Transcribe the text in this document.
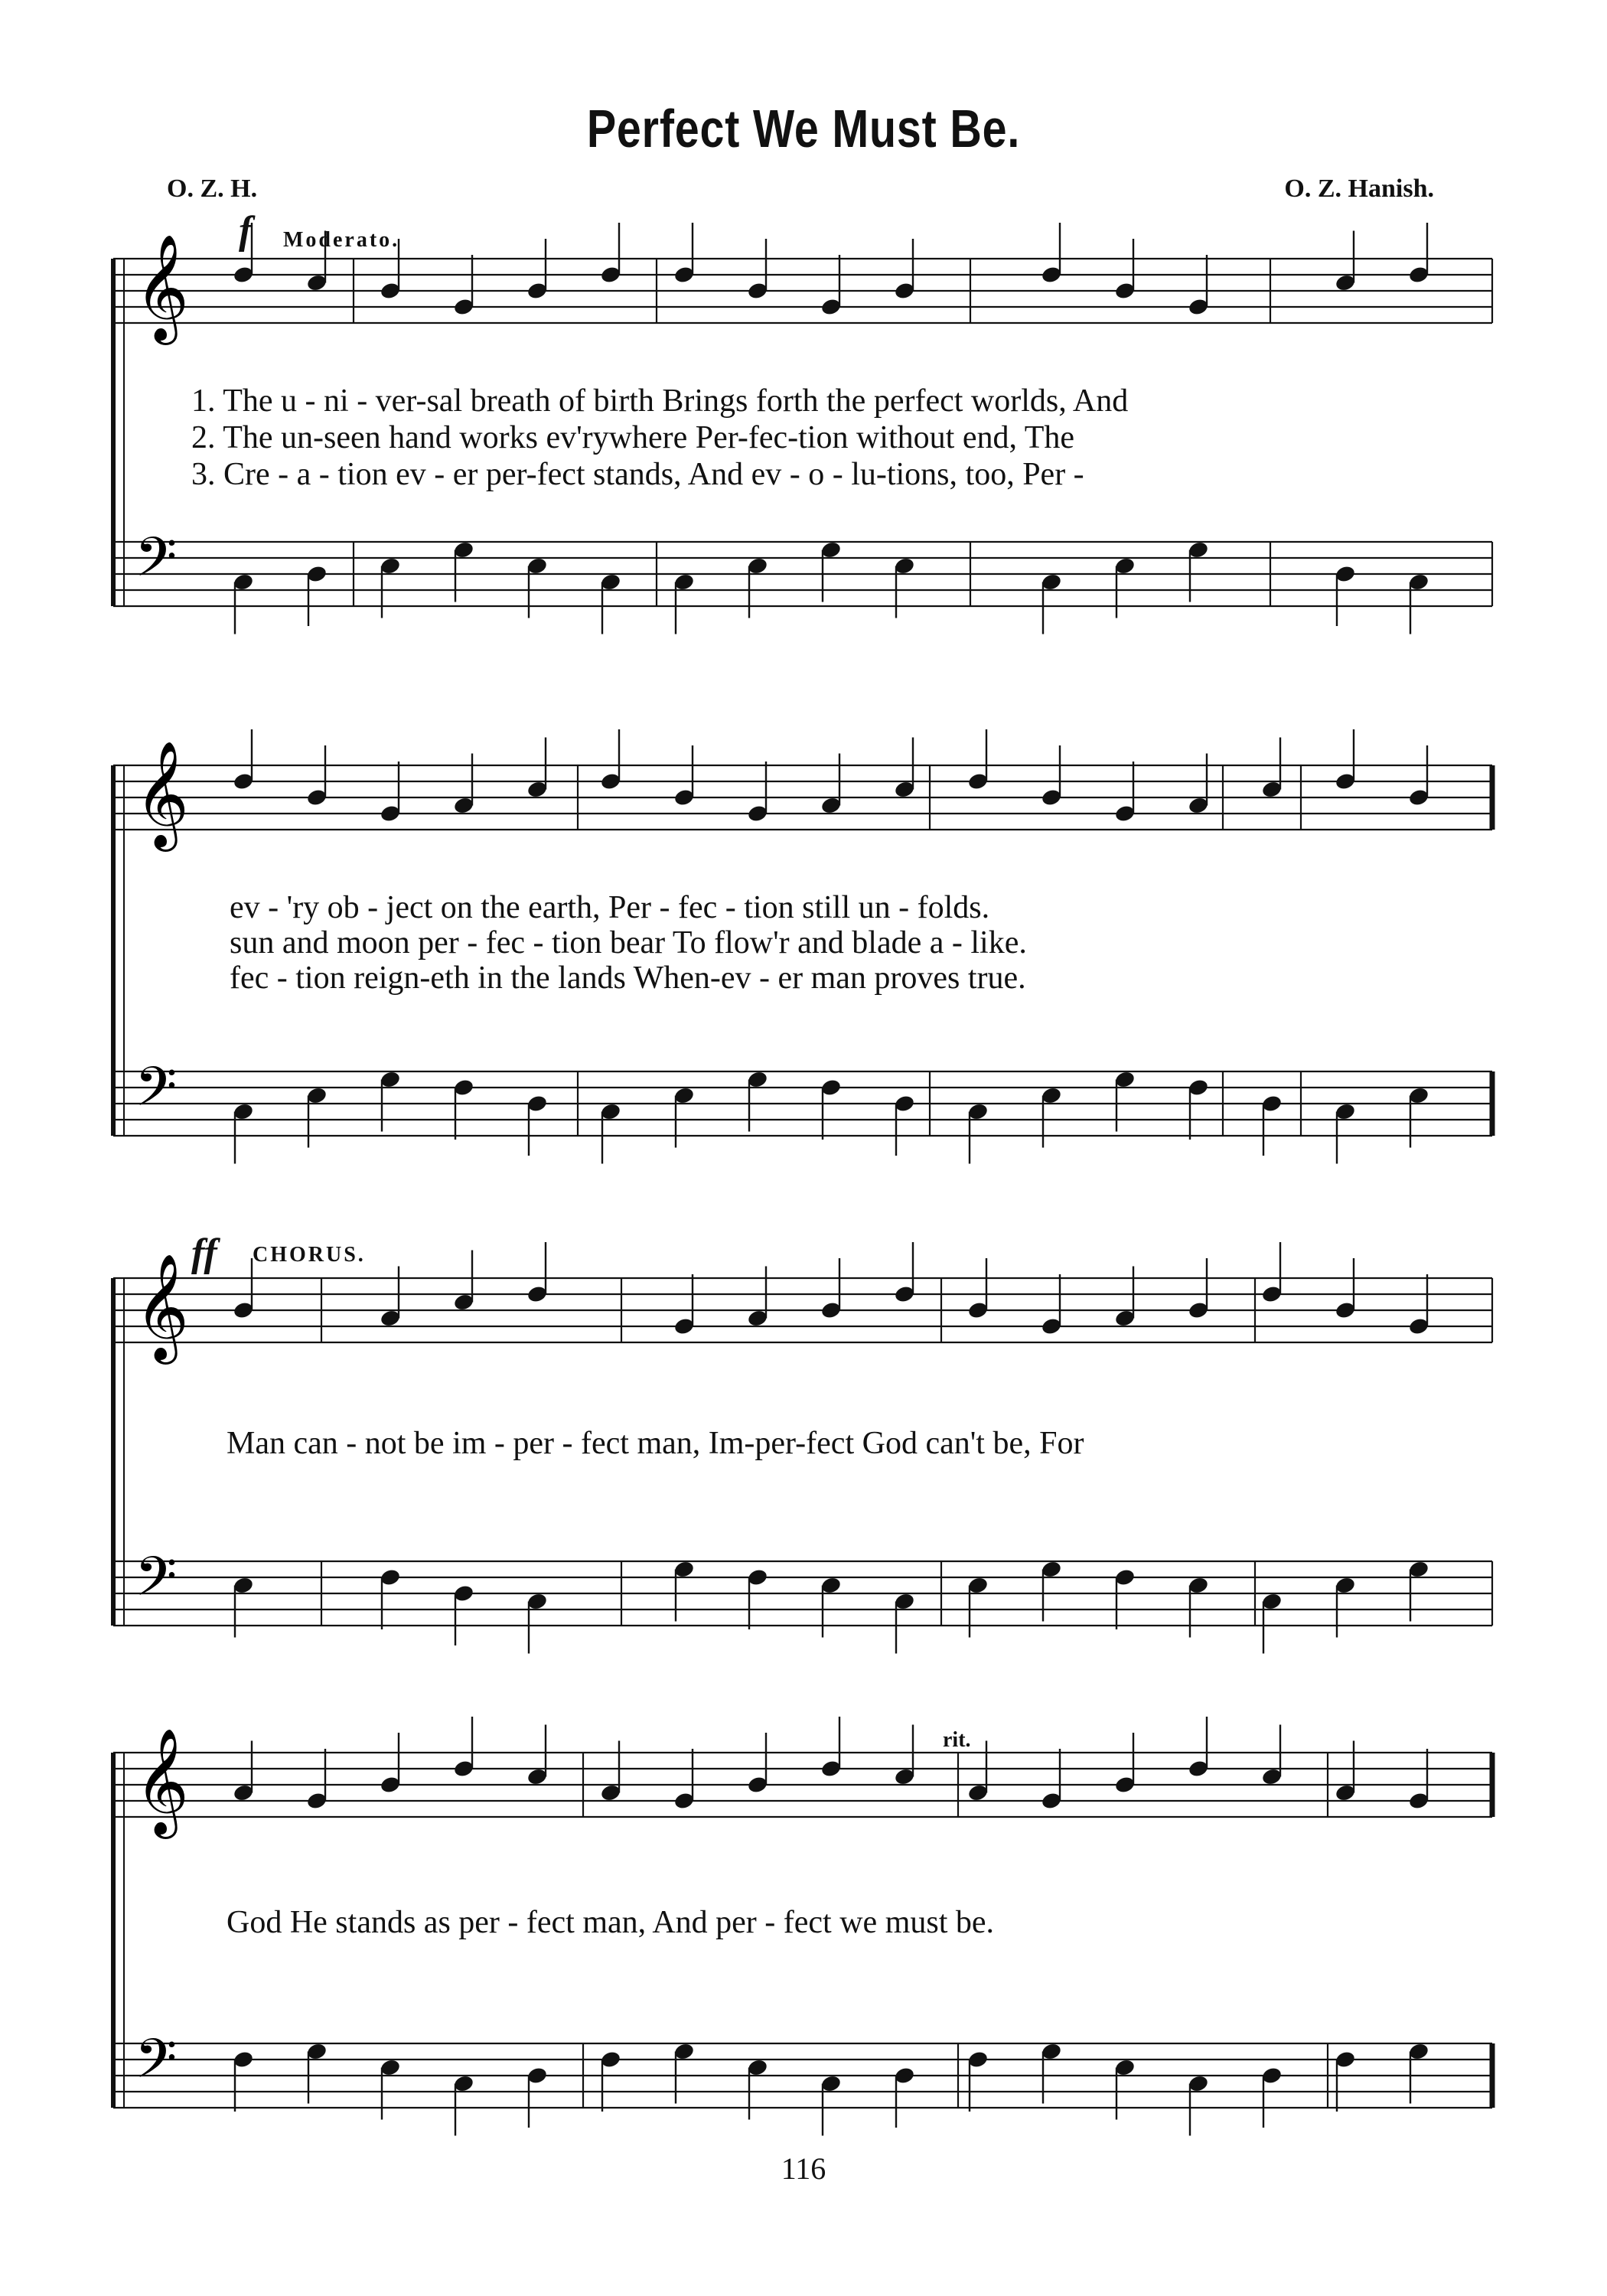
Perfect We Must Be.
O. Z. H.	O. Z. Hanish.
𝄞
𝄢
𝄞
𝄢
𝄞
𝄢
𝄞
𝄢
f Moderato.
1. The u - ni - ver-sal breath of birth Brings forth the perfect worlds, And
2. The un-seen hand works ev'rywhere Per-fec-tion without end, The
3. Cre - a - tion ev - er per-fect stands, And ev - o - lu-tions, too, Per -
ev - 'ry ob - ject on the earth, Per - fec - tion still un - folds.
sun and moon per - fec - tion bear To flow'r and blade a - like.
fec - tion reign-eth in the lands When-ev - er man proves true.
ff CHORUS.
Man can - not be im - per - fect man, Im-per-fect God can't be, For
rit.
God He stands as per - fect man, And per - fect we must be.
116
